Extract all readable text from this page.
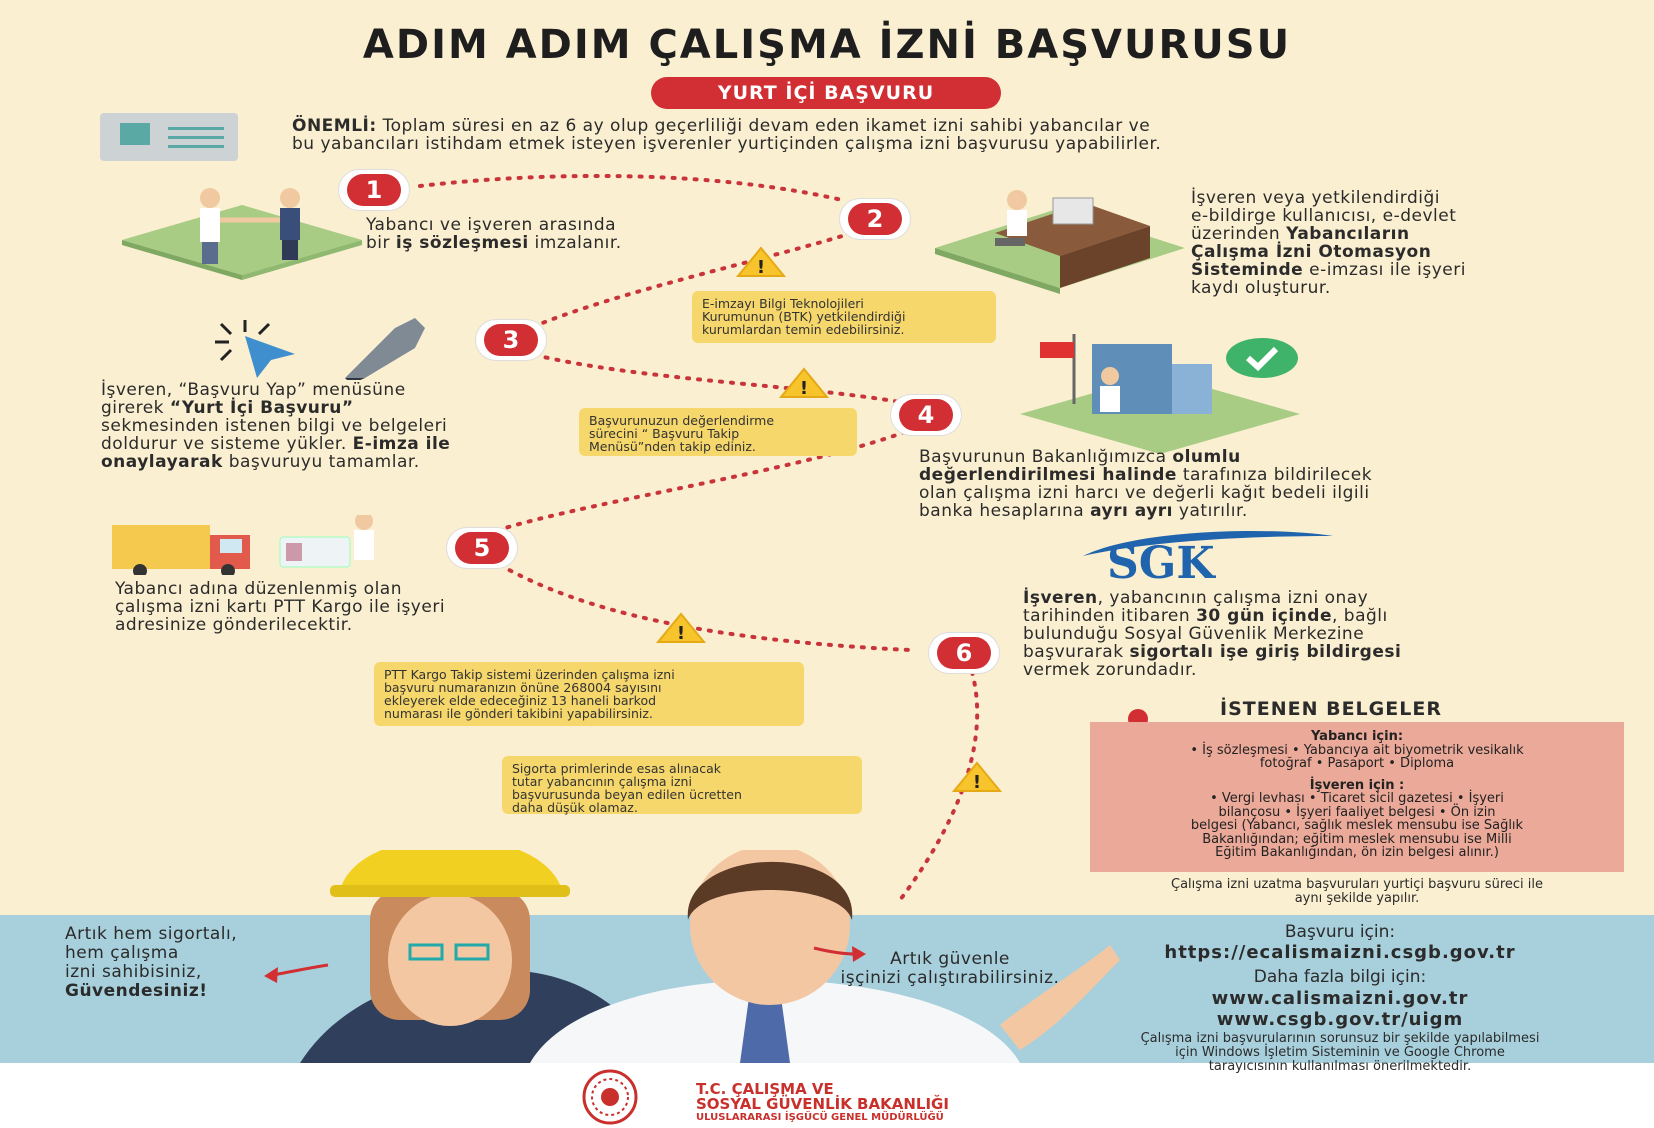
ADIM ADIM ÇALIŞMA İZNİ BAŞVURUSU
YURT İÇİ BAŞVURU
ÖNEMLİ: Toplam süresi en az 6 ay olup geçerliliği devam eden ikamet izni sahibi yabancılar ve
bu yabancıları istihdam etmek isteyen işverenler yurtiçinden çalışma izni başvurusu yapabilirler.
SGK
1
2
3
4
5
6
!
!
!
!
Yabancı ve işveren arasında
bir iş sözleşmesi imzalanır.
İşveren veya yetkilendirdiği
e-bildirge kullanıcısı, e-devlet
üzerinden Yabancıların
Çalışma İzni Otomasyon
Sisteminde e-imzası ile işyeri
kaydı oluşturur.
İşveren, “Başvuru Yap” menüsüne
girerek “Yurt İçi Başvuru”
sekmesinden istenen bilgi ve belgeleri
doldurur ve sisteme yükler. E-imza ile
onaylayarak başvuruyu tamamlar.	Başvurunun Bakanlığımızca olumlu
değerlendirilmesi halinde tarafınıza bildirilecek
olan çalışma izni harcı ve değerli kağıt bedeli ilgili
banka hesaplarına ayrı ayrı yatırılır.
Yabancı adına düzenlenmiş olan
çalışma izni kartı PTT Kargo ile işyeri
adresinize gönderilecektir.
İşveren, yabancının çalışma izni onay
tarihinden itibaren 30 gün içinde, bağlı
bulunduğu Sosyal Güvenlik Merkezine
başvurarak sigortalı işe giriş bildirgesi
vermek zorundadır.
E-imzayı Bilgi Teknolojileri
Kurumunun (BTK) yetkilendirdiği
kurumlardan temin edebilirsiniz.
Başvurunuzun değerlendirme
sürecini “ Başvuru Takip
Menüsü”nden takip ediniz.
PTT Kargo Takip sistemi üzerinden çalışma izni
başvuru numaranızın önüne 268004 sayısını
ekleyerek elde edeceğiniz 13 haneli barkod
numarası ile gönderi takibini yapabilirsiniz.
Sigorta primlerinde esas alınacak
tutar yabancının çalışma izni
başvurusunda beyan edilen ücretten
daha düşük olamaz.
İSTENEN BELGELER
Yabancı için:
• İş sözleşmesi • Yabancıya ait biyometrik vesikalık
fotoğraf • Pasaport • Diploma
İşveren için :
• Vergi levhası • Ticaret sicil gazetesi • İşyeri
bilançosu • İşyeri faaliyet belgesi • Ön izin
belgesi (Yabancı, sağlık meslek mensubu ise Sağlık
Bakanlığından; eğitim meslek mensubu ise Milli
Eğitim Bakanlığından, ön izin belgesi alınır.)
Çalışma izni uzatma başvuruları yurtiçi başvuru süreci ile
aynı şekilde yapılır.
Artık hem sigortalı,
hem çalışma
izni sahibisiniz,
Güvendesiniz!
Artık güvenle
işçinizi çalıştırabilirsiniz.
Başvuru için:
https://ecalismaizni.csgb.gov.tr
Daha fazla bilgi için:
www.calismaizni.gov.tr
www.csgb.gov.tr/uigm
Çalışma izni başvurularının sorunsuz bir şekilde yapılabilmesi
için Windows İşletim Sisteminin ve Google Chrome
tarayıcısının kullanılması önerilmektedir.
T.C. ÇALIŞMA VE
SOSYAL GÜVENLİK BAKANLIĞI
ULUSLARARASI İŞGÜCÜ GENEL MÜDÜRLÜĞÜ
